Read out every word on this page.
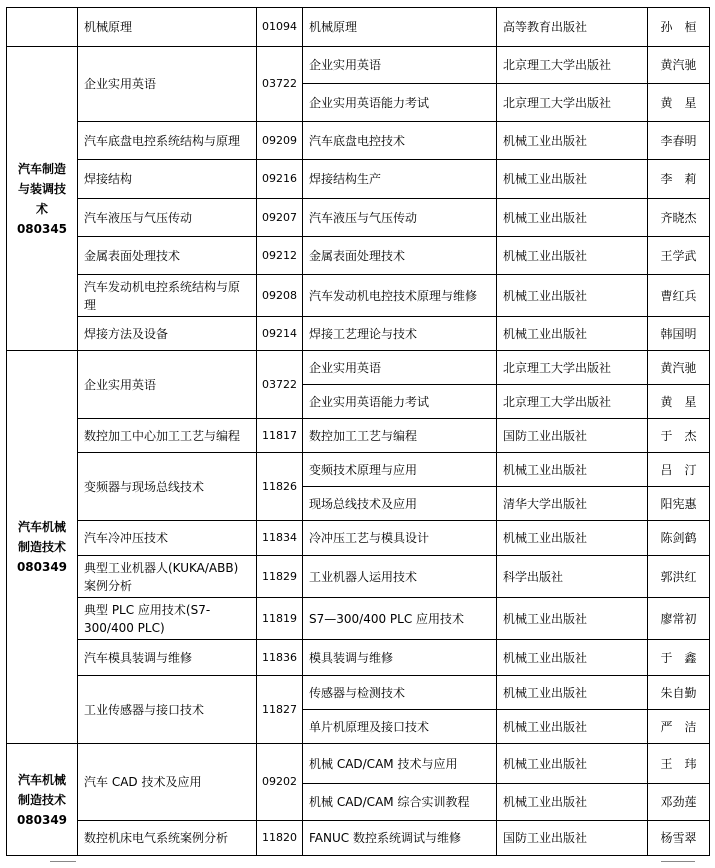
	机械原理	01094	机械原理	高等教育出版社	孙　桓

汽车制造
与装调技
术 080345	企业实用英语	03722	企业实用英语	北京理工大学出版社	黄汽驰
			企业实用英语能力考试	北京理工大学出版社	黄　星
	汽车底盘电控系统结构与原理	09209	汽车底盘电控技术	机械工业出版社	李春明
	焊接结构	09216	焊接结构生产	机械工业出版社	李　莉
	汽车液压与气压传动	09207	汽车液压与气压传动	机械工业出版社	齐晓杰
	金属表面处理技术	09212	金属表面处理技术	机械工业出版社	王学武
	汽车发动机电控系统结构与原理	09208	汽车发动机电控技术原理与维修	机械工业出版社	曹红兵
	焊接方法及设备	09214	焊接工艺理论与技术	机械工业出版社	韩国明

汽车机械
制造技术
080349	企业实用英语	03722	企业实用英语	北京理工大学出版社	黄汽驰
			企业实用英语能力考试	北京理工大学出版社	黄　星
	数控加工中心加工工艺与编程	11817	数控加工工艺与编程	国防工业出版社	于　杰
	变频器与现场总线技术	11826	变频技术原理与应用	机械工业出版社	吕　汀
			现场总线技术及应用	清华大学出版社	阳宪惠
	汽车冷冲压技术	11834	冷冲压工艺与模具设计	机械工业出版社	陈剑鹤
	典型工业机器人(KUKA/ABB)案例分析	11829	工业机器人运用技术	科学出版社	郭洪红
	典型 PLC 应用技术(S7-300/400 PLC)	11819	S7—300/400 PLC 应用技术	机械工业出版社	廖常初
	汽车模具装调与维修	11836	模具装调与维修	机械工业出版社	于　鑫
	工业传感器与接口技术	11827	传感器与检测技术	机械工业出版社	朱自勤
			单片机原理及接口技术	机械工业出版社	严　洁

汽车机械
制造技术
080349	汽车 CAD 技术及应用	09202	机械 CAD/CAM 技术与应用	机械工业出版社	王　玮
			机械 CAD/CAM 综合实训教程	机械工业出版社	邓劲莲
	数控机床电气系统案例分析	11820	FANUC 数控系统调试与维修	国防工业出版社	杨雪翠
